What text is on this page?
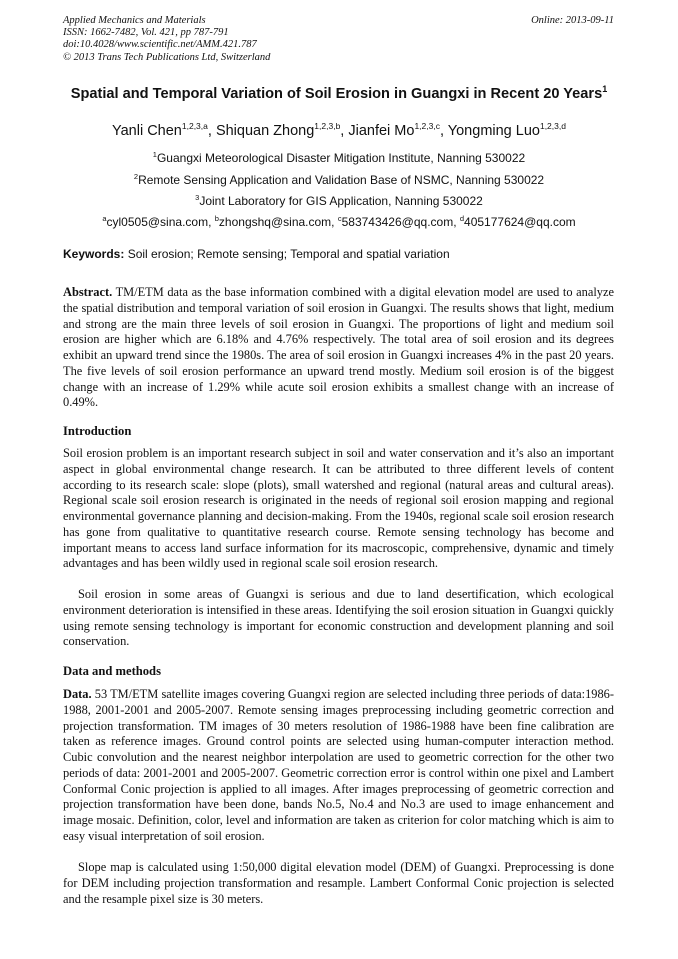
Applied Mechanics and Materials
ISSN: 1662-7482, Vol. 421, pp 787-791
doi:10.4028/www.scientific.net/AMM.421.787
© 2013 Trans Tech Publications Ltd, Switzerland
Online: 2013-09-11
Spatial and Temporal Variation of Soil Erosion in Guangxi in Recent 20 Years$^1$
Yanli Chen$^{1,2,3,a}$, Shiquan Zhong$^{1,2,3,b}$, Jianfei Mo$^{1,2,3,c}$, Yongming Luo$^{1,2,3,d}$
$^1$Guangxi Meteorological Disaster Mitigation Institute, Nanning 530022
$^2$Remote Sensing Application and Validation Base of NSMC, Nanning 530022
$^3$Joint Laboratory for GIS Application, Nanning 530022
$^a$cyl0505@sina.com, $^b$zhongshq@sina.com, $^c$583743426@qq.com, $^d$405177624@qq.com
Keywords: Soil erosion; Remote sensing; Temporal and spatial variation
Abstract. TM/ETM data as the base information combined with a digital elevation model are used to analyze the spatial distribution and temporal variation of soil erosion in Guangxi. The results shows that light, medium and strong are the main three levels of soil erosion in Guangxi. The proportions of light and medium soil erosion are higher which are 6.18% and 4.76% respectively. The total area of soil erosion and its degrees exhibit an upward trend since the 1980s. The area of soil erosion in Guangxi increases 4% in the past 20 years. The five levels of soil erosion performance an upward trend mostly. Medium soil erosion is of the biggest change with an increase of 1.29% while acute soil erosion exhibits a smallest change with an increase of 0.49%.
Introduction
Soil erosion problem is an important research subject in soil and water conservation and it’s also an important aspect in global environmental change research. It can be attributed to three different levels of content according to its research scale: slope (plots), small watershed and regional (natural areas and cultural areas). Regional scale soil erosion research is originated in the needs of regional soil erosion mapping and regional environmental governance planning and decision-making. From the 1940s, regional scale soil erosion research has gone from qualitative to quantitative research course. Remote sensing technology has become and important means to access land surface information for its macroscopic, comprehensive, dynamic and timely advantages and has been wildly used in regional scale soil erosion research.
Soil erosion in some areas of Guangxi is serious and due to land desertification, which ecological environment deterioration is intensified in these areas. Identifying the soil erosion situation in Guangxi quickly using remote sensing technology is important for economic construction and development planning and soil conservation.
Data and methods
Data. 53 TM/ETM satellite images covering Guangxi region are selected including three periods of data:1986-1988, 2001-2001 and 2005-2007. Remote sensing images preprocessing including geometric correction and projection transformation. TM images of 30 meters resolution of 1986-1988 have been fine calibration are taken as reference images. Ground control points are selected using human-computer interaction method. Cubic convolution and the nearest neighbor interpolation are used to geometric correction for the other two periods of data: 2001-2001 and 2005-2007. Geometric correction error is control within one pixel and Lambert Conformal Conic projection is applied to all images. After images preprocessing of geometric correction and projection transformation have been done, bands No.5, No.4 and No.3 are used to image enhancement and image mosaic. Definition, color, level and information are taken as criterion for color matching which is aim to easy visual interpretation of soil erosion.
Slope map is calculated using 1:50,000 digital elevation model (DEM) of Guangxi. Preprocessing is done for DEM including projection transformation and resample. Lambert Conformal Conic projection is selected and the resample pixel size is 30 meters.
